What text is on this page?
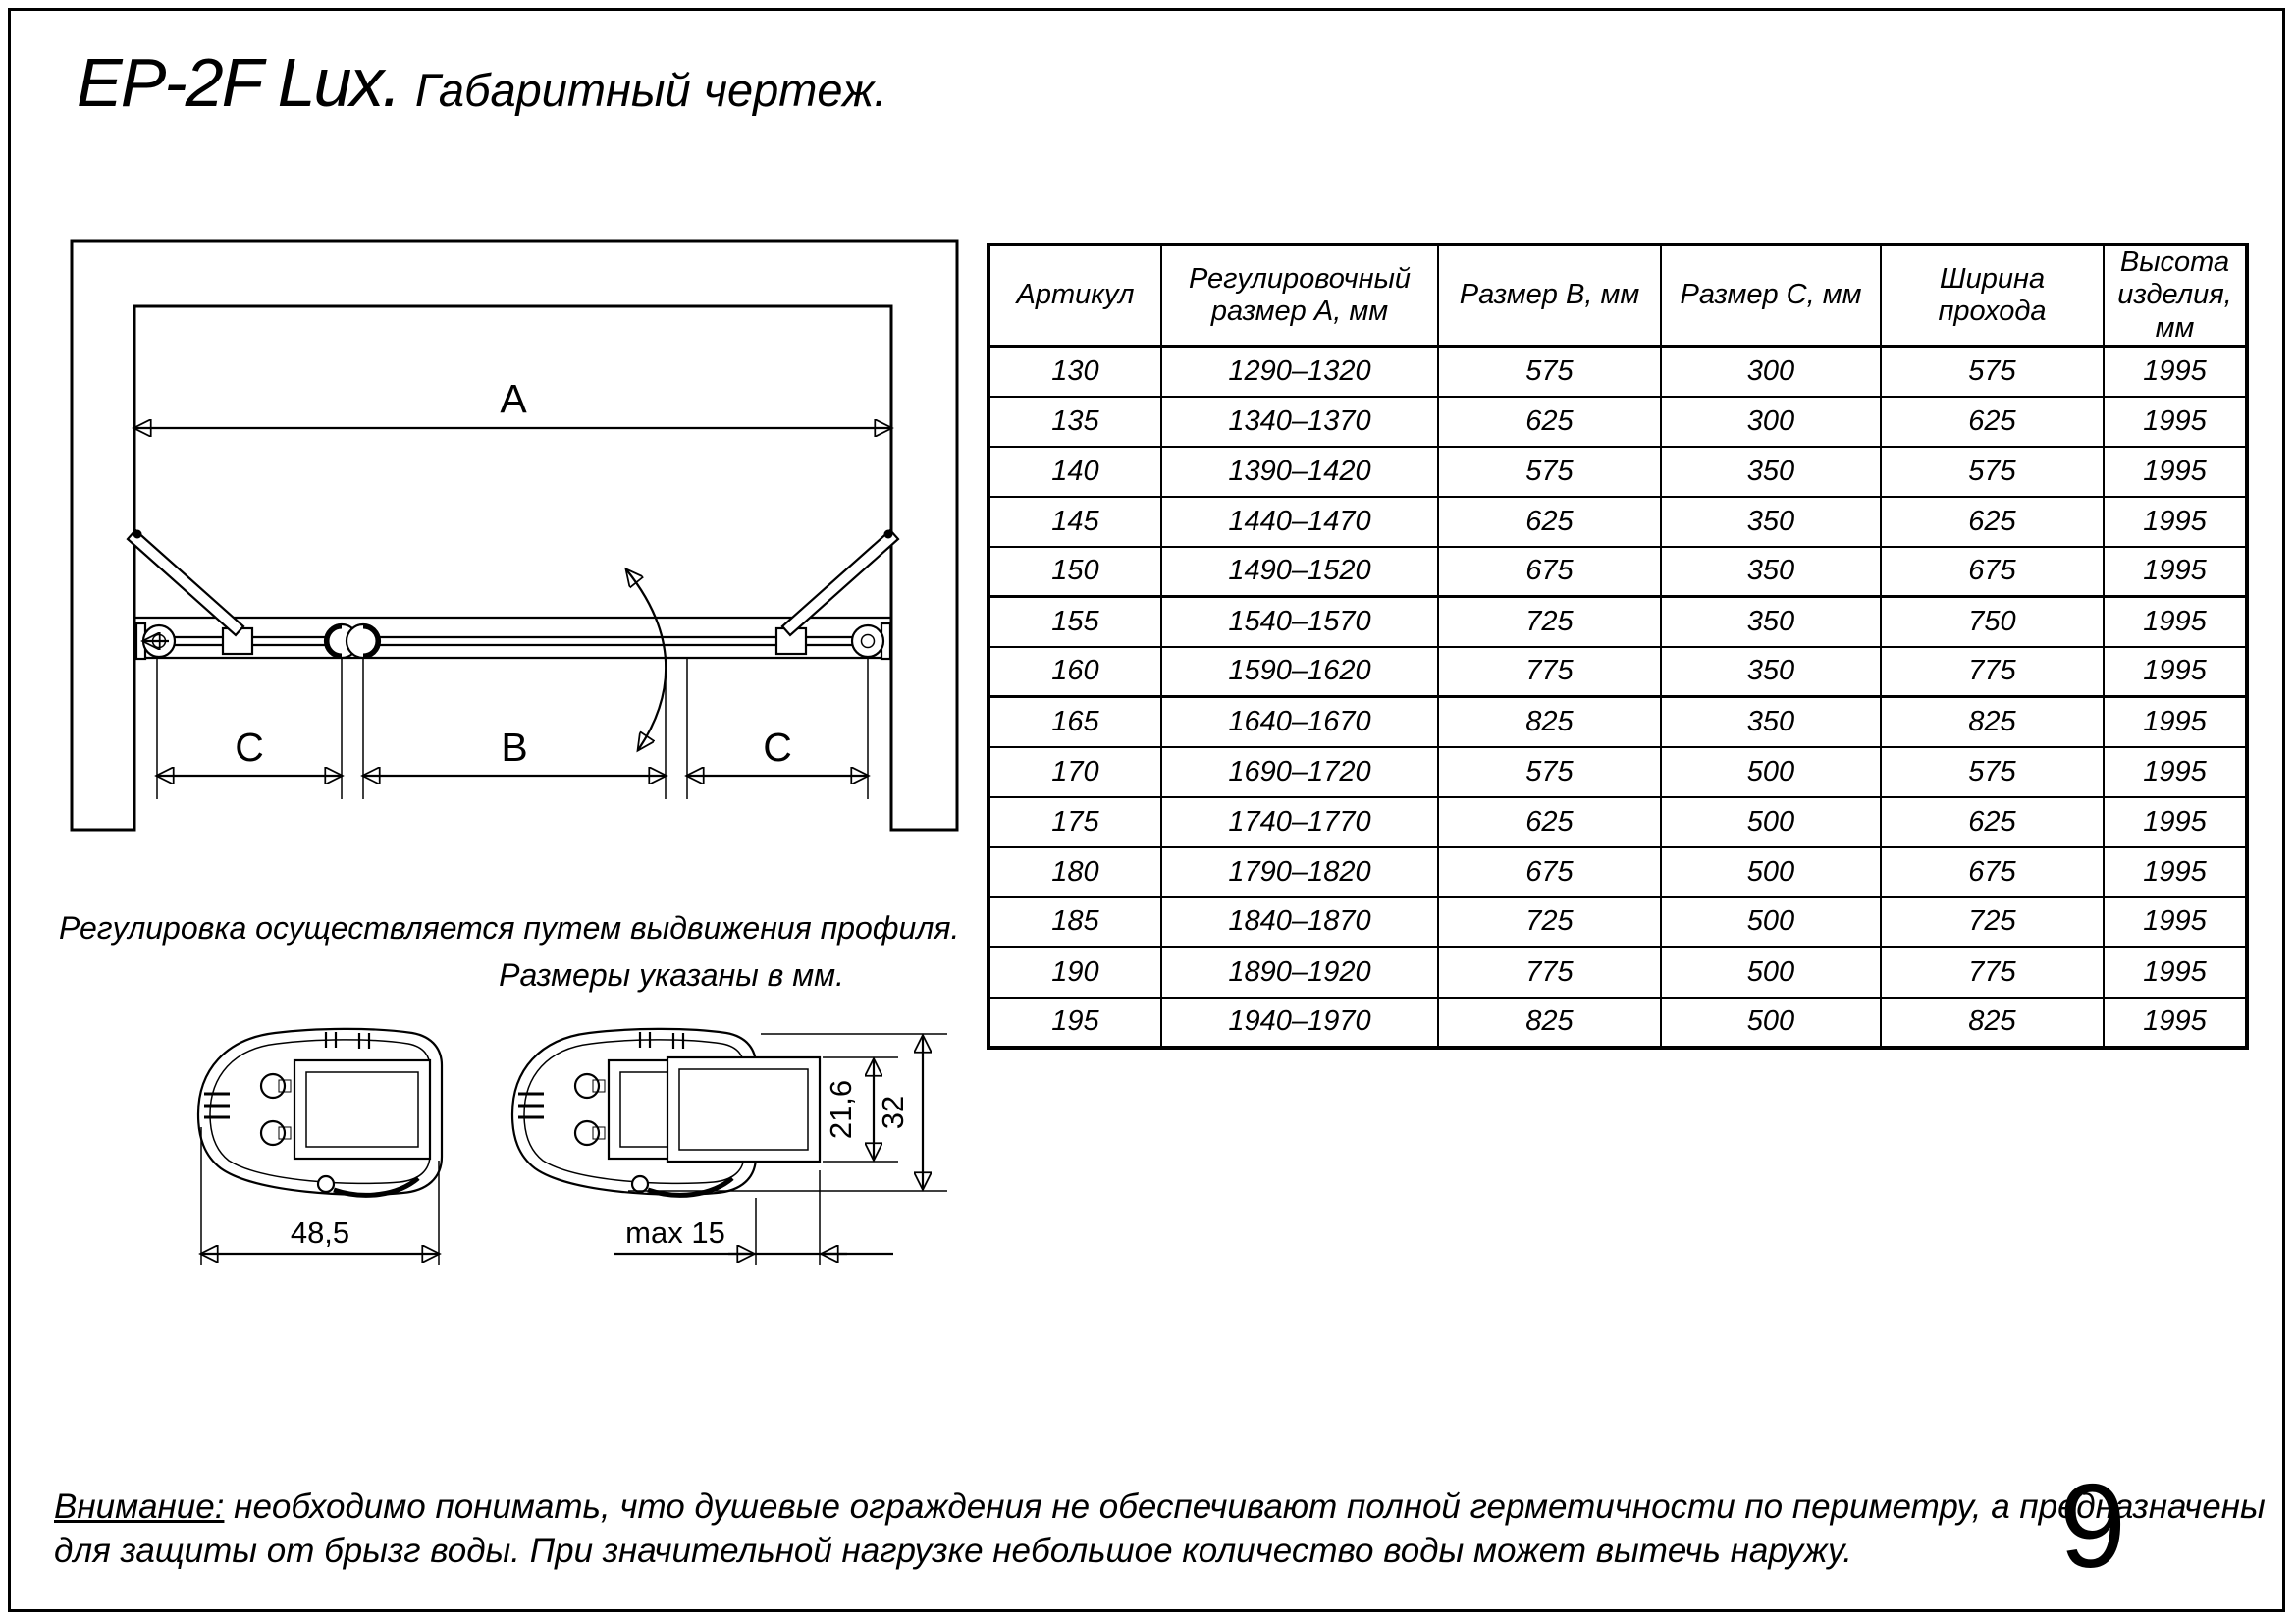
EP-2F Lux. Габаритный чертеж.
A
C	B	C
Регулировка осуществляется путем выдвижения профиля.
Размеры указаны в мм.
48,5	max 15
21,6 32
Артикул	Регулировочный размер А, мм	Размер В, мм	Размер С, мм	Ширина прохода	Высота изделия, мм
130	1290–1320	575	300	575	1995
135	1340–1370	625	300	625	1995
140	1390–1420	575	350	575	1995
145	1440–1470	625	350	625	1995
150	1490–1520	675	350	675	1995
155	1540–1570	725	350	750	1995
160	1590–1620	775	350	775	1995
165	1640–1670	825	350	825	1995
170	1690–1720	575	500	575	1995
175	1740–1770	625	500	625	1995
180	1790–1820	675	500	675	1995
185	1840–1870	725	500	725	1995
190	1890–1920	775	500	775	1995
195	1940–1970	825	500	825	1995
Внимание: необходимо понимать, что душевые ограждения не обеспечивают полной герметичности по периметру, а предназначены
для защиты от брызг воды. При значительной нагрузке небольшое количество воды может вытечь наружу.	9
